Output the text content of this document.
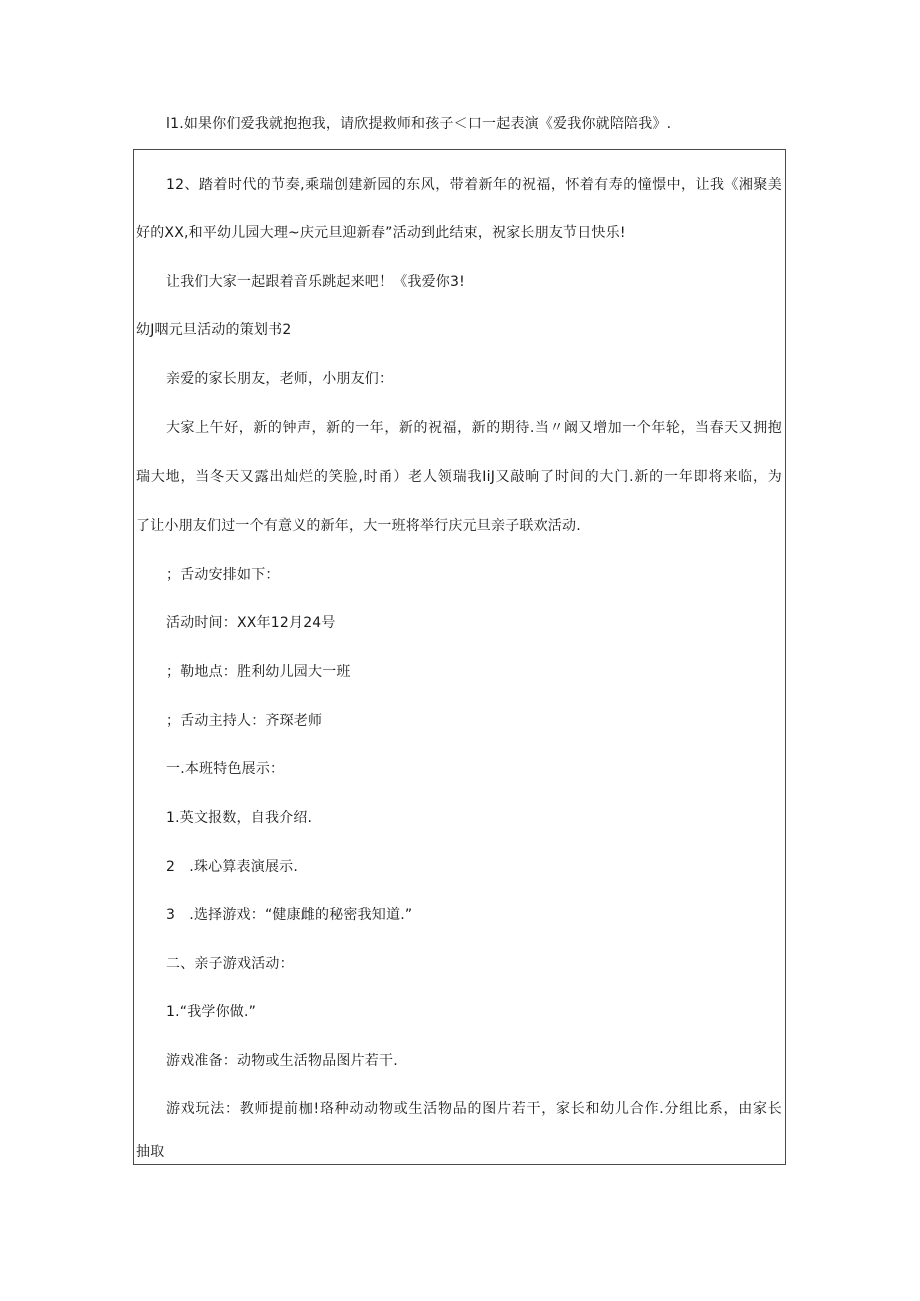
l1.如果你们爱我就抱抱我，请欣提救师和孩子＜口一起表演《爱我你就陪陪我》.
12、踏着时代的节奏,乘瑞创建新园的东风，带着新年的祝福，怀着有寿的憧憬中，让我《湘聚美
好的XX,和平幼儿园大理~庆元旦迎新春”活动到此结束，祝家长朋友节日快乐!
让我们大家一起跟着音乐跳起来吧！《我爱你3!
幼J咽元旦活动的策划书2
亲爱的家长朋友，老师，小朋友们：
大家上午好，新的钟声，新的一年，新的祝福，新的期待.当〃阚又增加一个年轮，当春天又拥抱
瑞大地，当冬天又露出灿烂的笑脸,时甬）老人领瑞我IiJ又敲晌了时间的大门.新的一年即将来临，为
了让小朋友们过一个有意义的新年，大一班将举行庆元旦亲子联欢活动.
；舌动安排如下：
活动时间：XX年12月24号
；勒地点：胜利幼儿园大一班
；舌动主持人：齐琛老师
一.本班特色展示：
1.英文报数，自我介绍.
2　.珠心算表演展示.
3　.选择游戏：“健康雌的秘密我知道.”
二、亲子游戏活动：
1.“我学你做.”
游戏准备：动物或生活物品图片若干.
游戏玩法：教师提前枷!珞种动动物或生活物品的图片若干，家长和幼儿合作.分组比系，由家长
抽取
